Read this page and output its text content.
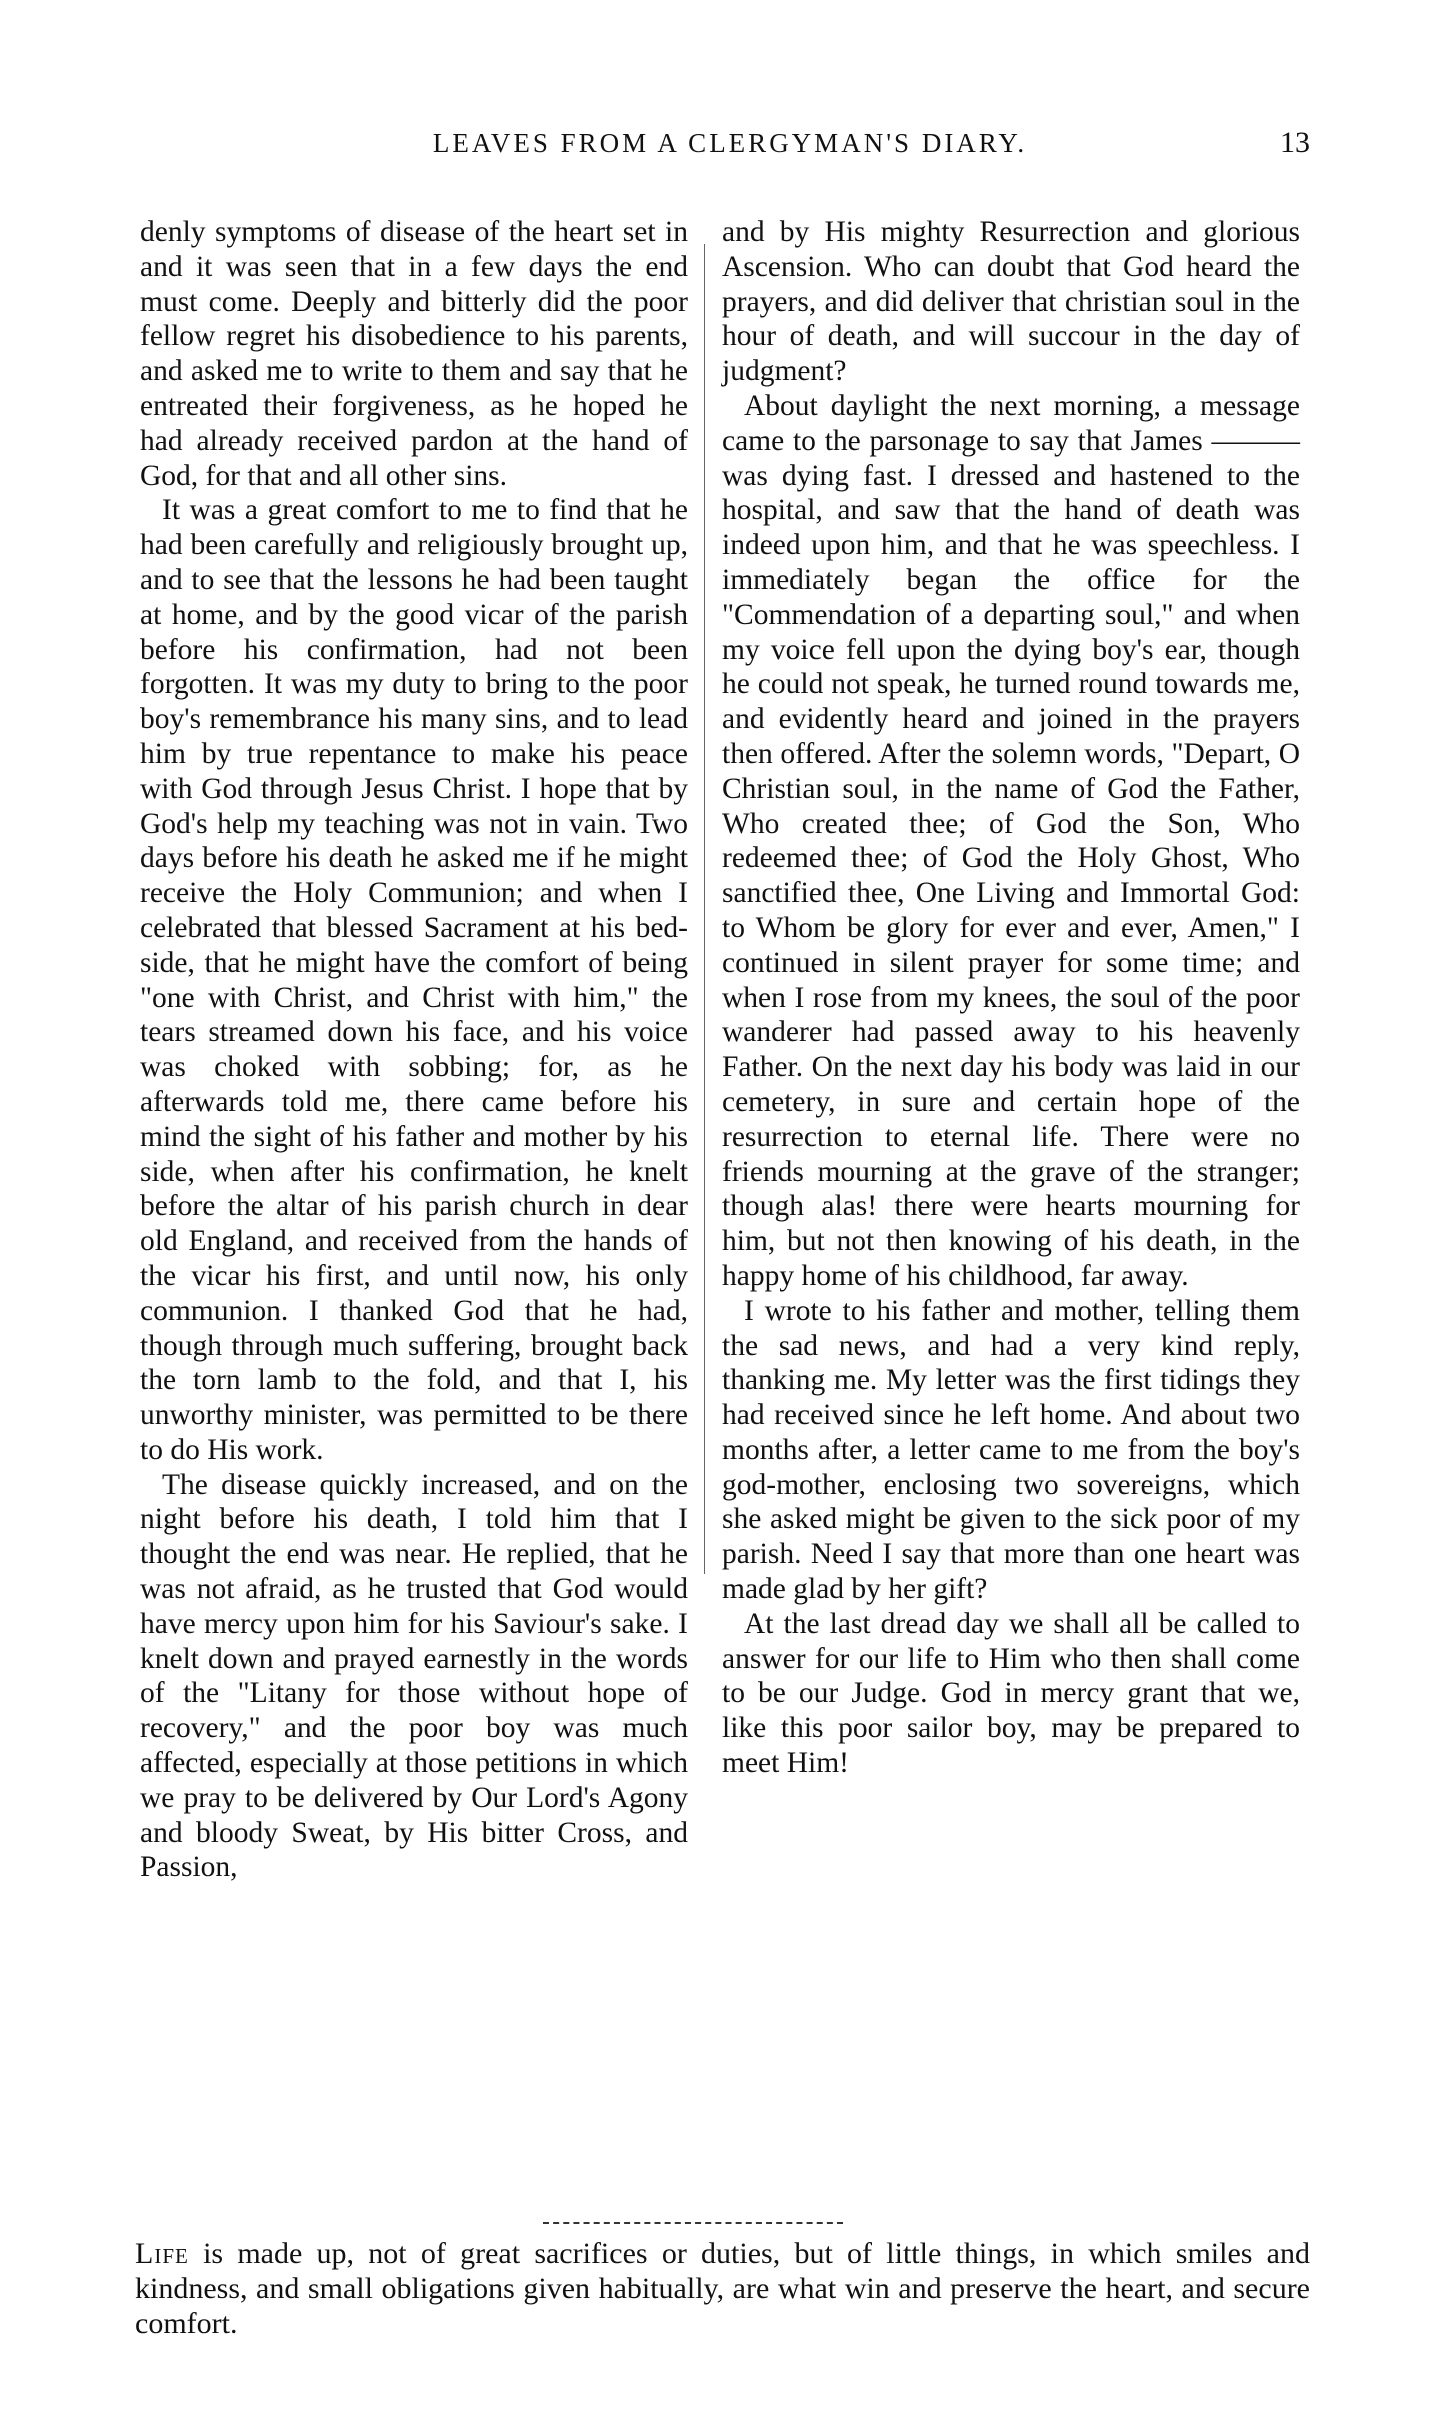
LEAVES FROM A CLERGYMAN'S DIARY.	13

denly symptoms of disease of the heart set in and it was seen that in a few days the end must come. Deeply and bitterly did the poor fellow regret his disobedience to his parents, and asked me to write to them and say that he entreated their forgiveness, as he hoped he had already received pardon at the hand of God, for that and all other sins.

It was a great comfort to me to find that he had been carefully and religiously brought up, and to see that the lessons he had been taught at home, and by the good vicar of the parish before his confirmation, had not been forgotten. It was my duty to bring to the poor boy's remembrance his many sins, and to lead him by true repentance to make his peace with God through Jesus Christ. I hope that by God's help my teaching was not in vain. Two days before his death he asked me if he might receive the Holy Communion; and when I celebrated that blessed Sacrament at his bed-side, that he might have the comfort of being "one with Christ, and Christ with him," the tears streamed down his face, and his voice was choked with sobbing; for, as he afterwards told me, there came before his mind the sight of his father and mother by his side, when after his confirmation, he knelt before the altar of his parish church in dear old England, and received from the hands of the vicar his first, and until now, his only communion. I thanked God that he had, though through much suffering, brought back the torn lamb to the fold, and that I, his unworthy minister, was permitted to be there to do His work.

The disease quickly increased, and on the night before his death, I told him that I thought the end was near. He replied, that he was not afraid, as he trusted that God would have mercy upon him for his Saviour's sake. I knelt down and prayed earnestly in the words of the "Litany for those without hope of recovery," and the poor boy was much affected, especially at those petitions in which we pray to be delivered by Our Lord's Agony and bloody Sweat, by His bitter Cross, and Passion,

and by His mighty Resurrection and glorious Ascension. Who can doubt that God heard the prayers, and did deliver that christian soul in the hour of death, and will succour in the day of judgment?

About daylight the next morning, a message came to the parsonage to say that James ——— was dying fast. I dressed and hastened to the hospital, and saw that the hand of death was indeed upon him, and that he was speechless. I immediately began the office for the "Commendation of a departing soul," and when my voice fell upon the dying boy's ear, though he could not speak, he turned round towards me, and evidently heard and joined in the prayers then offered. After the solemn words, "Depart, O Christian soul, in the name of God the Father, Who created thee; of God the Son, Who redeemed thee; of God the Holy Ghost, Who sanctified thee, One Living and Immortal God: to Whom be glory for ever and ever, Amen," I continued in silent prayer for some time; and when I rose from my knees, the soul of the poor wanderer had passed away to his heavenly Father. On the next day his body was laid in our cemetery, in sure and certain hope of the resurrection to eternal life. There were no friends mourning at the grave of the stranger; though alas! there were hearts mourning for him, but not then knowing of his death, in the happy home of his childhood, far away.

I wrote to his father and mother, telling them the sad news, and had a very kind reply, thanking me. My letter was the first tidings they had received since he left home. And about two months after, a letter came to me from the boy's god-mother, enclosing two sovereigns, which she asked might be given to the sick poor of my parish. Need I say that more than one heart was made glad by her gift?

At the last dread day we shall all be called to answer for our life to Him who then shall come to be our Judge. God in mercy grant that we, like this poor sailor boy, may be prepared to meet Him!

Life is made up, not of great sacrifices or duties, but of little things, in which smiles and kindness, and small obligations given habitually, are what win and preserve the heart, and secure comfort.
